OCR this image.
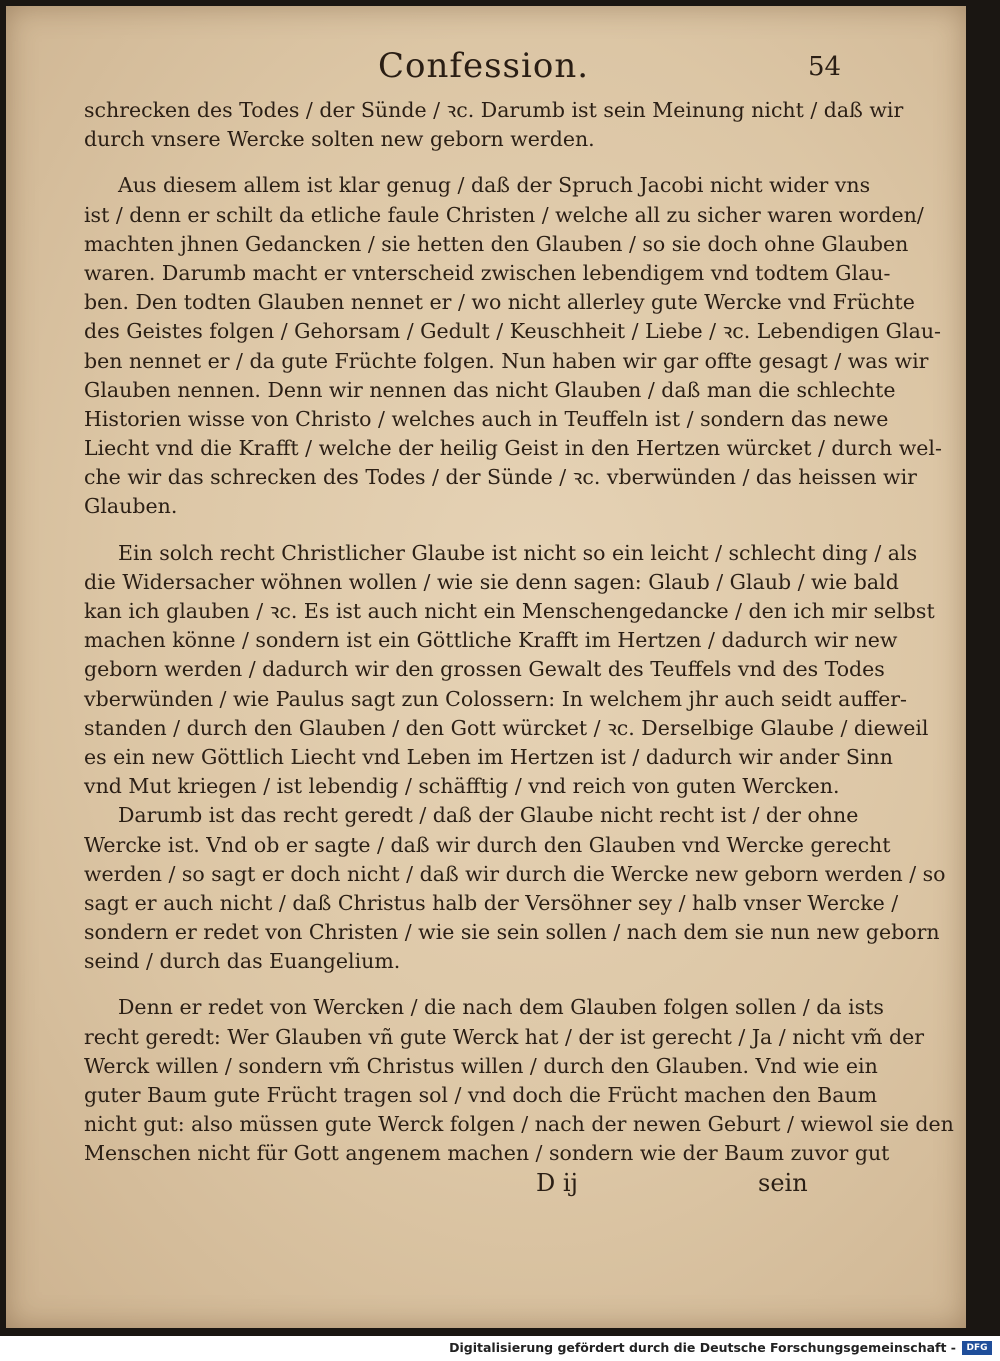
Confession.	54
schrecken des Todes / der Sünde / ꝛc. Darumb ist sein Meinung nicht / daß wir
durch vnsere Wercke solten new geborn werden.
Aus diesem allem ist klar genug / daß der Spruch Jacobi nicht wider vns
ist / denn er schilt da etliche faule Christen / welche all zu sicher waren worden/
machten jhnen Gedancken / sie hetten den Glauben / so sie doch ohne Glauben
waren. Darumb macht er vnterscheid zwischen lebendigem vnd todtem Glau-
ben. Den todten Glauben nennet er / wo nicht allerley gute Wercke vnd Früchte
des Geistes folgen / Gehorsam / Gedult / Keuschheit / Liebe / ꝛc. Lebendigen Glau-
ben nennet er / da gute Früchte folgen. Nun haben wir gar offte gesagt / was wir
Glauben nennen. Denn wir nennen das nicht Glauben / daß man die schlechte
Historien wisse von Christo / welches auch in Teuffeln ist / sondern das newe
Liecht vnd die Krafft / welche der heilig Geist in den Hertzen würcket / durch wel-
che wir das schrecken des Todes / der Sünde / ꝛc. vberwünden / das heissen wir
Glauben.
Ein solch recht Christlicher Glaube ist nicht so ein leicht / schlecht ding / als
die Widersacher wöhnen wollen / wie sie denn sagen: Glaub / Glaub / wie bald
kan ich glauben / ꝛc. Es ist auch nicht ein Menschengedancke / den ich mir selbst
machen könne / sondern ist ein Göttliche Krafft im Hertzen / dadurch wir new
geborn werden / dadurch wir den grossen Gewalt des Teuffels vnd des Todes
vberwünden / wie Paulus sagt zun Colossern: In welchem jhr auch seidt auffer-
standen / durch den Glauben / den Gott würcket / ꝛc. Derselbige Glaube / dieweil
es ein new Göttlich Liecht vnd Leben im Hertzen ist / dadurch wir ander Sinn
vnd Mut kriegen / ist lebendig / schäfftig / vnd reich von guten Wercken.
Darumb ist das recht geredt / daß der Glaube nicht recht ist / der ohne
Wercke ist. Vnd ob er sagte / daß wir durch den Glauben vnd Wercke gerecht
werden / so sagt er doch nicht / daß wir durch die Wercke new geborn werden / so
sagt er auch nicht / daß Christus halb der Versöhner sey / halb vnser Wercke /
sondern er redet von Christen / wie sie sein sollen / nach dem sie nun new geborn
seind / durch das Euangelium.
Denn er redet von Wercken / die nach dem Glauben folgen sollen / da ists
recht geredt: Wer Glauben vñ gute Werck hat / der ist gerecht / Ja / nicht vm̃ der
Werck willen / sondern vm̃ Christus willen / durch den Glauben. Vnd wie ein
guter Baum gute Frücht tragen sol / vnd doch die Frücht machen den Baum
nicht gut: also müssen gute Werck folgen / nach der newen Geburt / wiewol sie den
Menschen nicht für Gott angenem machen / sondern wie der Baum zuvor gut
D ij	sein
Digitalisierung gefördert durch die Deutsche Forschungsgemeinschaft -	DFG
